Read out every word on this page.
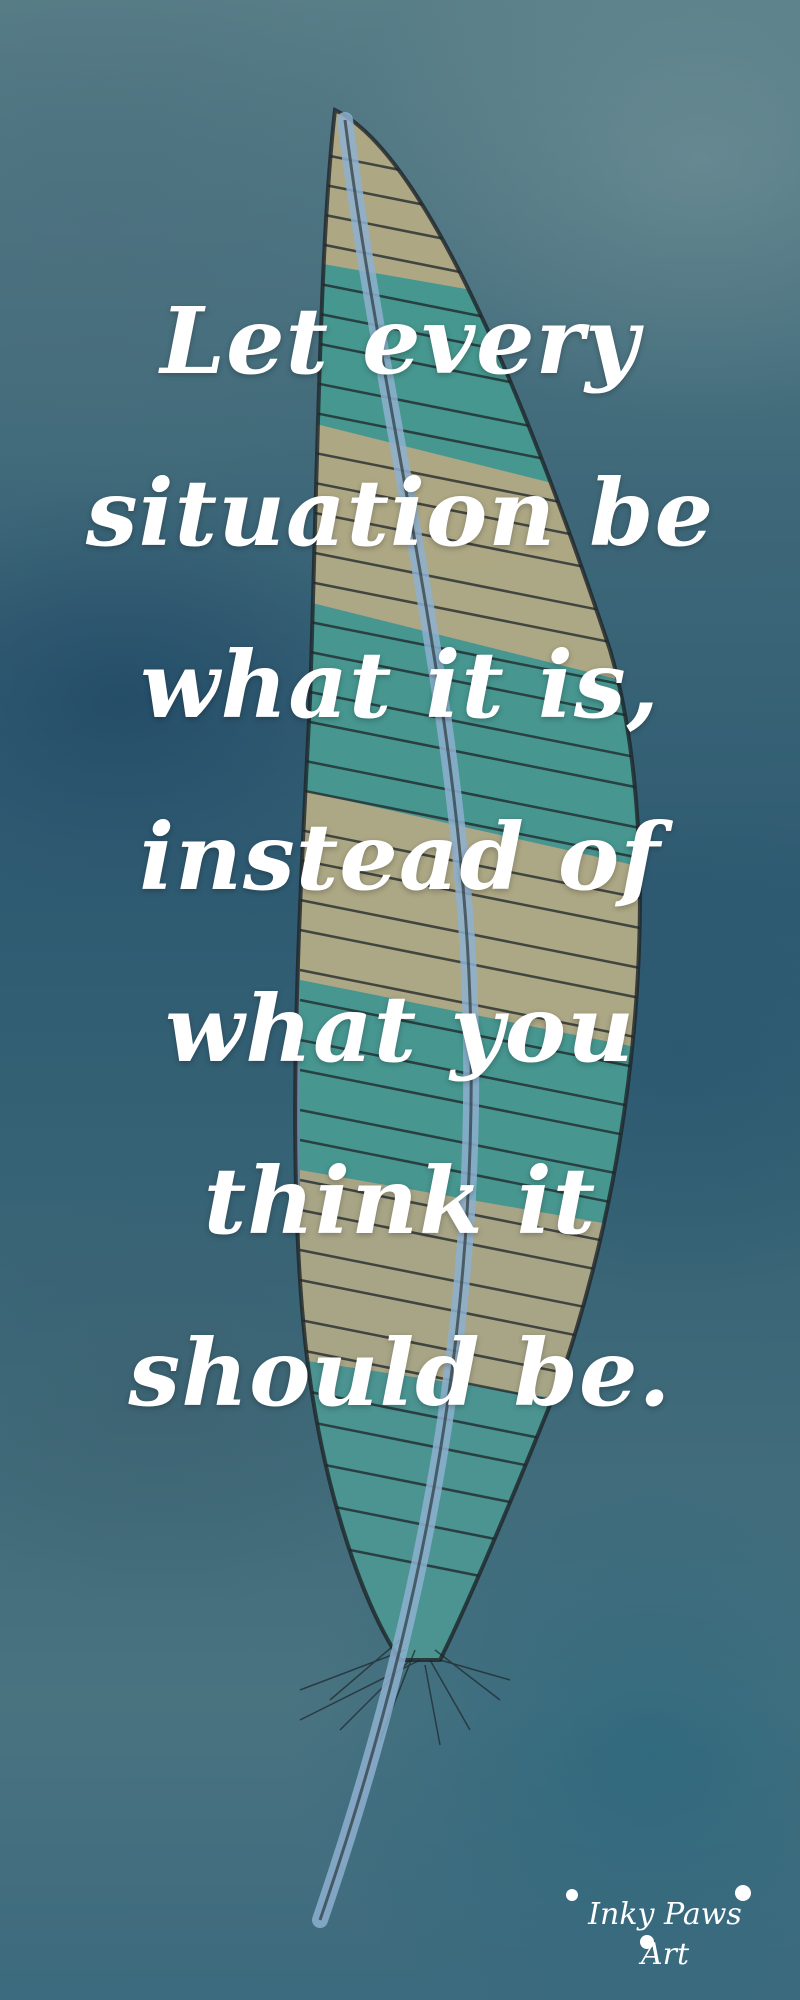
Let every
situation be
what it is,
instead of
what you
think it
should be.
Inky Paws Art
